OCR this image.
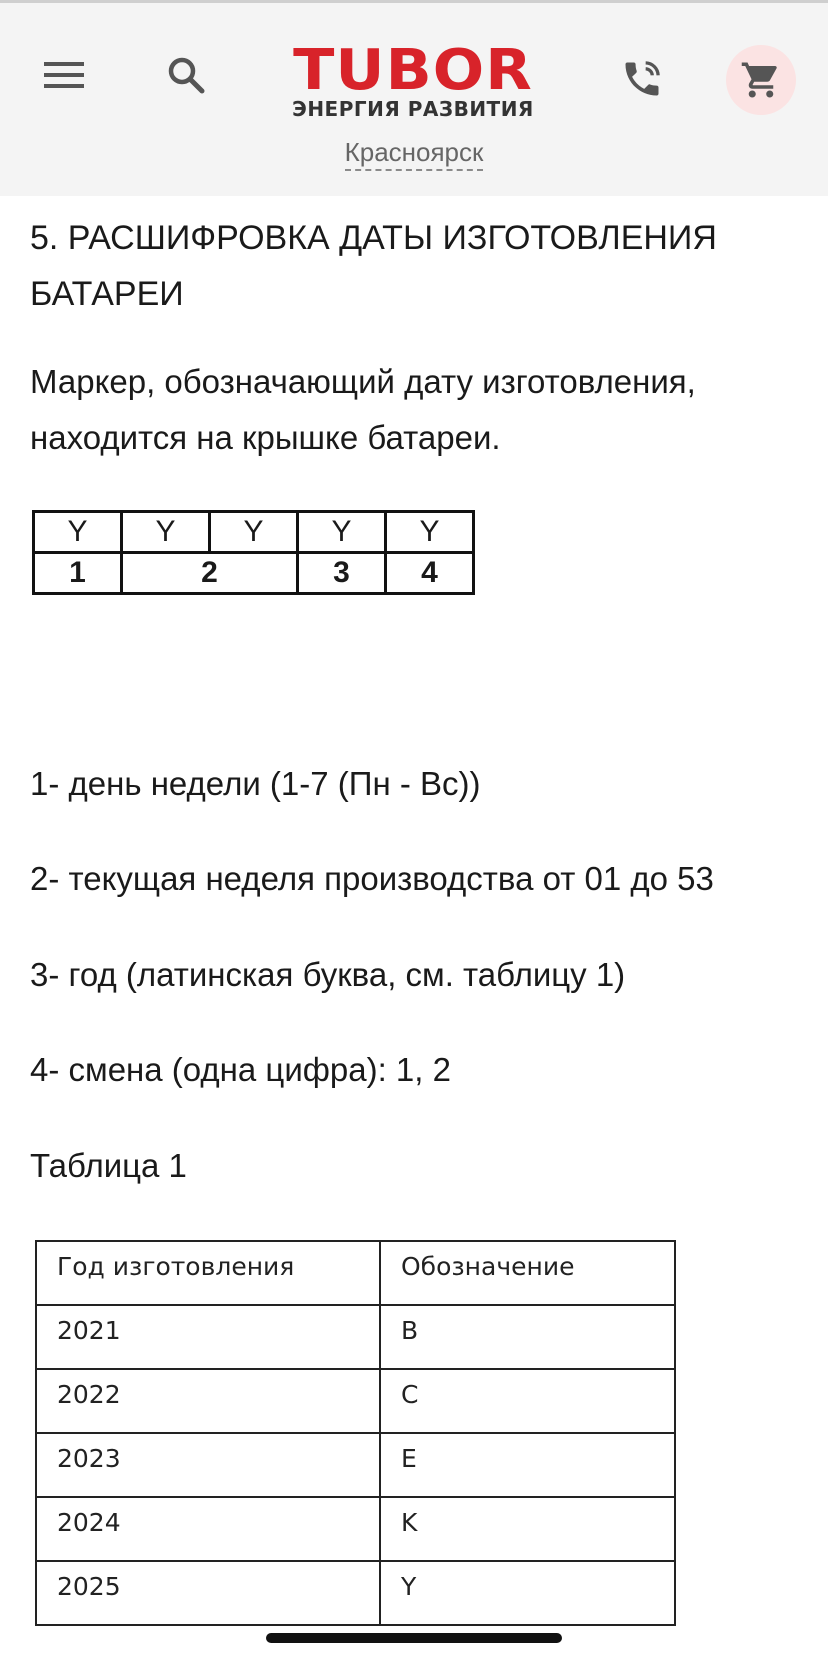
TUBOR
ЭНЕРГИЯ РАЗВИТИЯ
Красноярск
5. РАСШИФРОВКА ДАТЫ ИЗГОТОВЛЕНИЯ БАТАРЕИ
Маркер, обозначающий дату изготовления, находится на крышке батареи.
Y	Y	Y	Y	Y
1	2		3	4
1- день недели (1-7 (Пн - Вс))
2- текущая неделя производства от 01 до 53
3- год (латинская буква, см. таблицу 1)
4- смена (одна цифра): 1, 2
Таблица 1
Год изготовления	Обозначение
2021	B
2022	C
2023	E
2024	K
2025	Y
